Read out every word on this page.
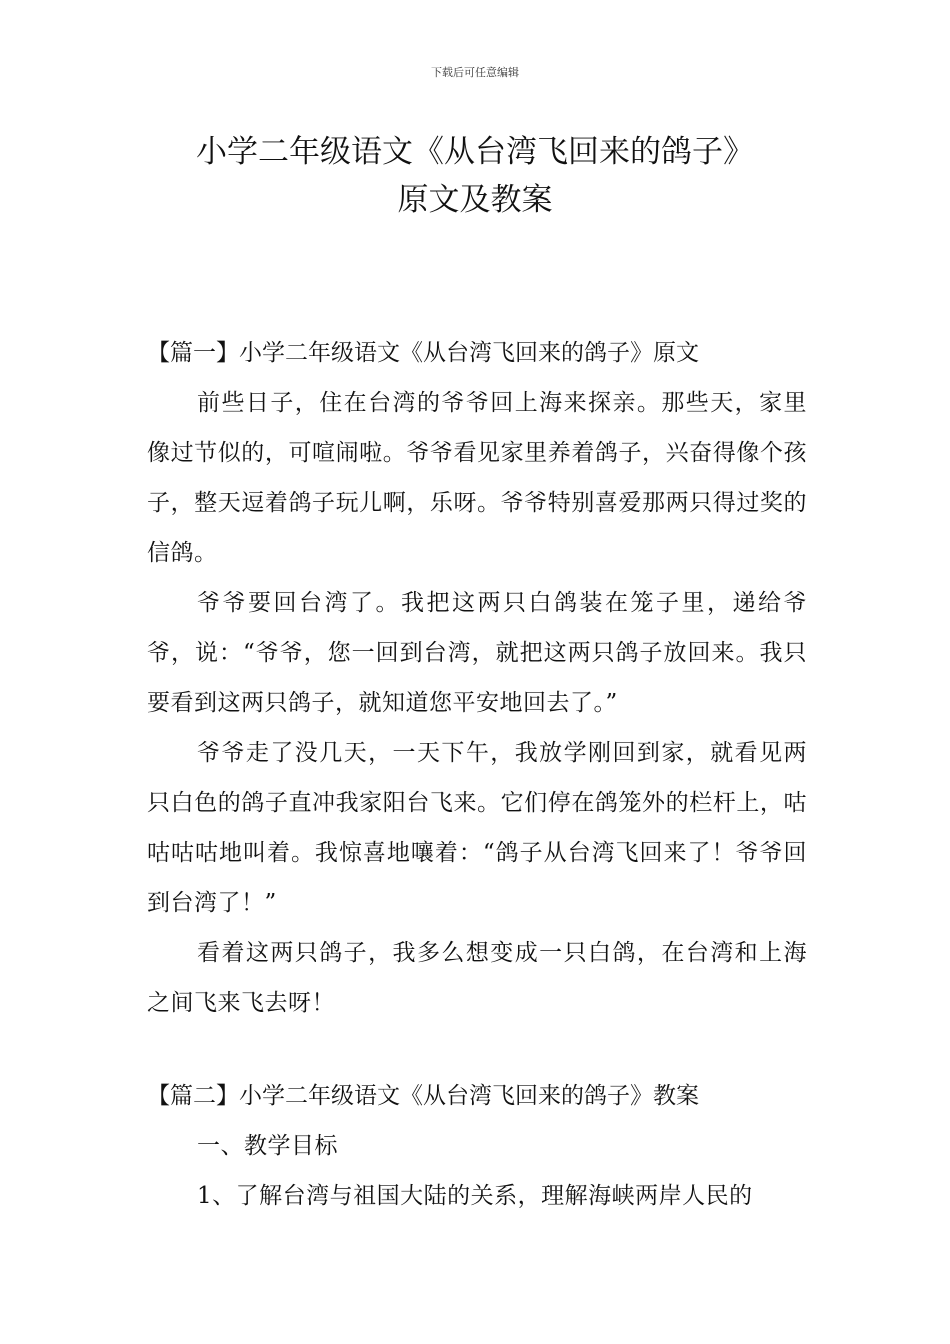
下载后可任意编辑
小学二年级语文《从台湾飞回来的鸽子》
原文及教案
【篇一】小学二年级语文《从台湾飞回来的鸽子》原文

前些日子，住在台湾的爷爷回上海来探亲。那些天，家里像过节似的，可喧闹啦。爷爷看见家里养着鸽子，兴奋得像个孩子，整天逗着鸽子玩儿啊，乐呀。爷爷特别喜爱那两只得过奖的信鸽。

爷爷要回台湾了。我把这两只白鸽装在笼子里，递给爷爷，说：“爷爷，您一回到台湾，就把这两只鸽子放回来。我只要看到这两只鸽子，就知道您平安地回去了。”

爷爷走了没几天，一天下午，我放学刚回到家，就看见两只白色的鸽子直冲我家阳台飞来。它们停在鸽笼外的栏杆上，咕咕咕咕地叫着。我惊喜地嚷着：“鸽子从台湾飞回来了！爷爷回到台湾了！”

看着这两只鸽子，我多么想变成一只白鸽，在台湾和上海之间飞来飞去呀！

【篇二】小学二年级语文《从台湾飞回来的鸽子》教案

一、教学目标

1、了解台湾与祖国大陆的关系，理解海峡两岸人民的
